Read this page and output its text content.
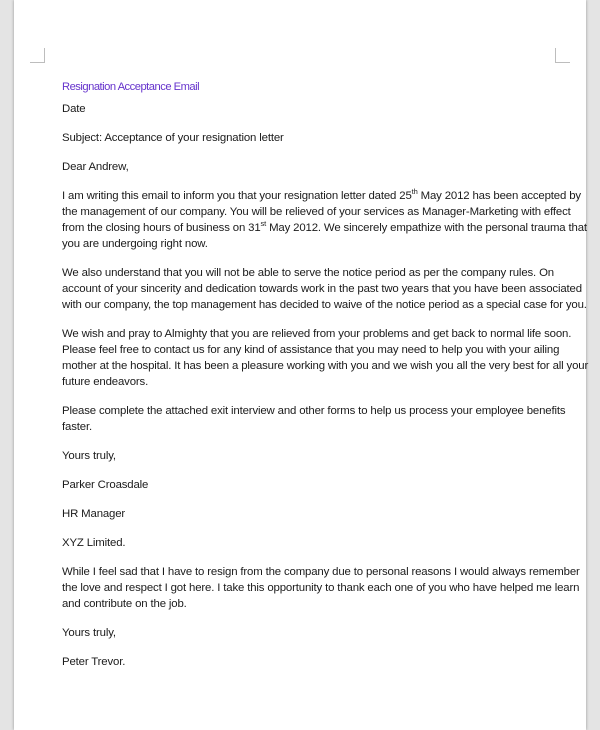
Resignation Acceptance Email
Date
Subject: Acceptance of your resignation letter
Dear Andrew,

I am writing this email to inform you that your resignation letter dated 25th May 2012 has been accepted by

the management of our company. You will be relieved of your services as Manager-Marketing with effect

from the closing hours of business on 31st May 2012. We sincerely empathize with the personal trauma that

you are undergoing right now.

We also understand that you will not be able to serve the notice period as per the company rules. On

account of your sincerity and dedication towards work in the past two years that you have been associated

with our company, the top management has decided to waive of the notice period as a special case for you.

We wish and pray to Almighty that you are relieved from your problems and get back to normal life soon.

Please feel free to contact us for any kind of assistance that you may need to help you with your ailing

mother at the hospital. It has been a pleasure working with you and we wish you all the very best for all your

future endeavors.

Please complete the attached exit interview and other forms to help us process your employee benefits

faster.

Yours truly,
Parker Croasdale
HR Manager
XYZ Limited.

While I feel sad that I have to resign from the company due to personal reasons I would always remember

the love and respect I got here. I take this opportunity to thank each one of you who have helped me learn

and contribute on the job.

Yours truly,
Peter Trevor.
